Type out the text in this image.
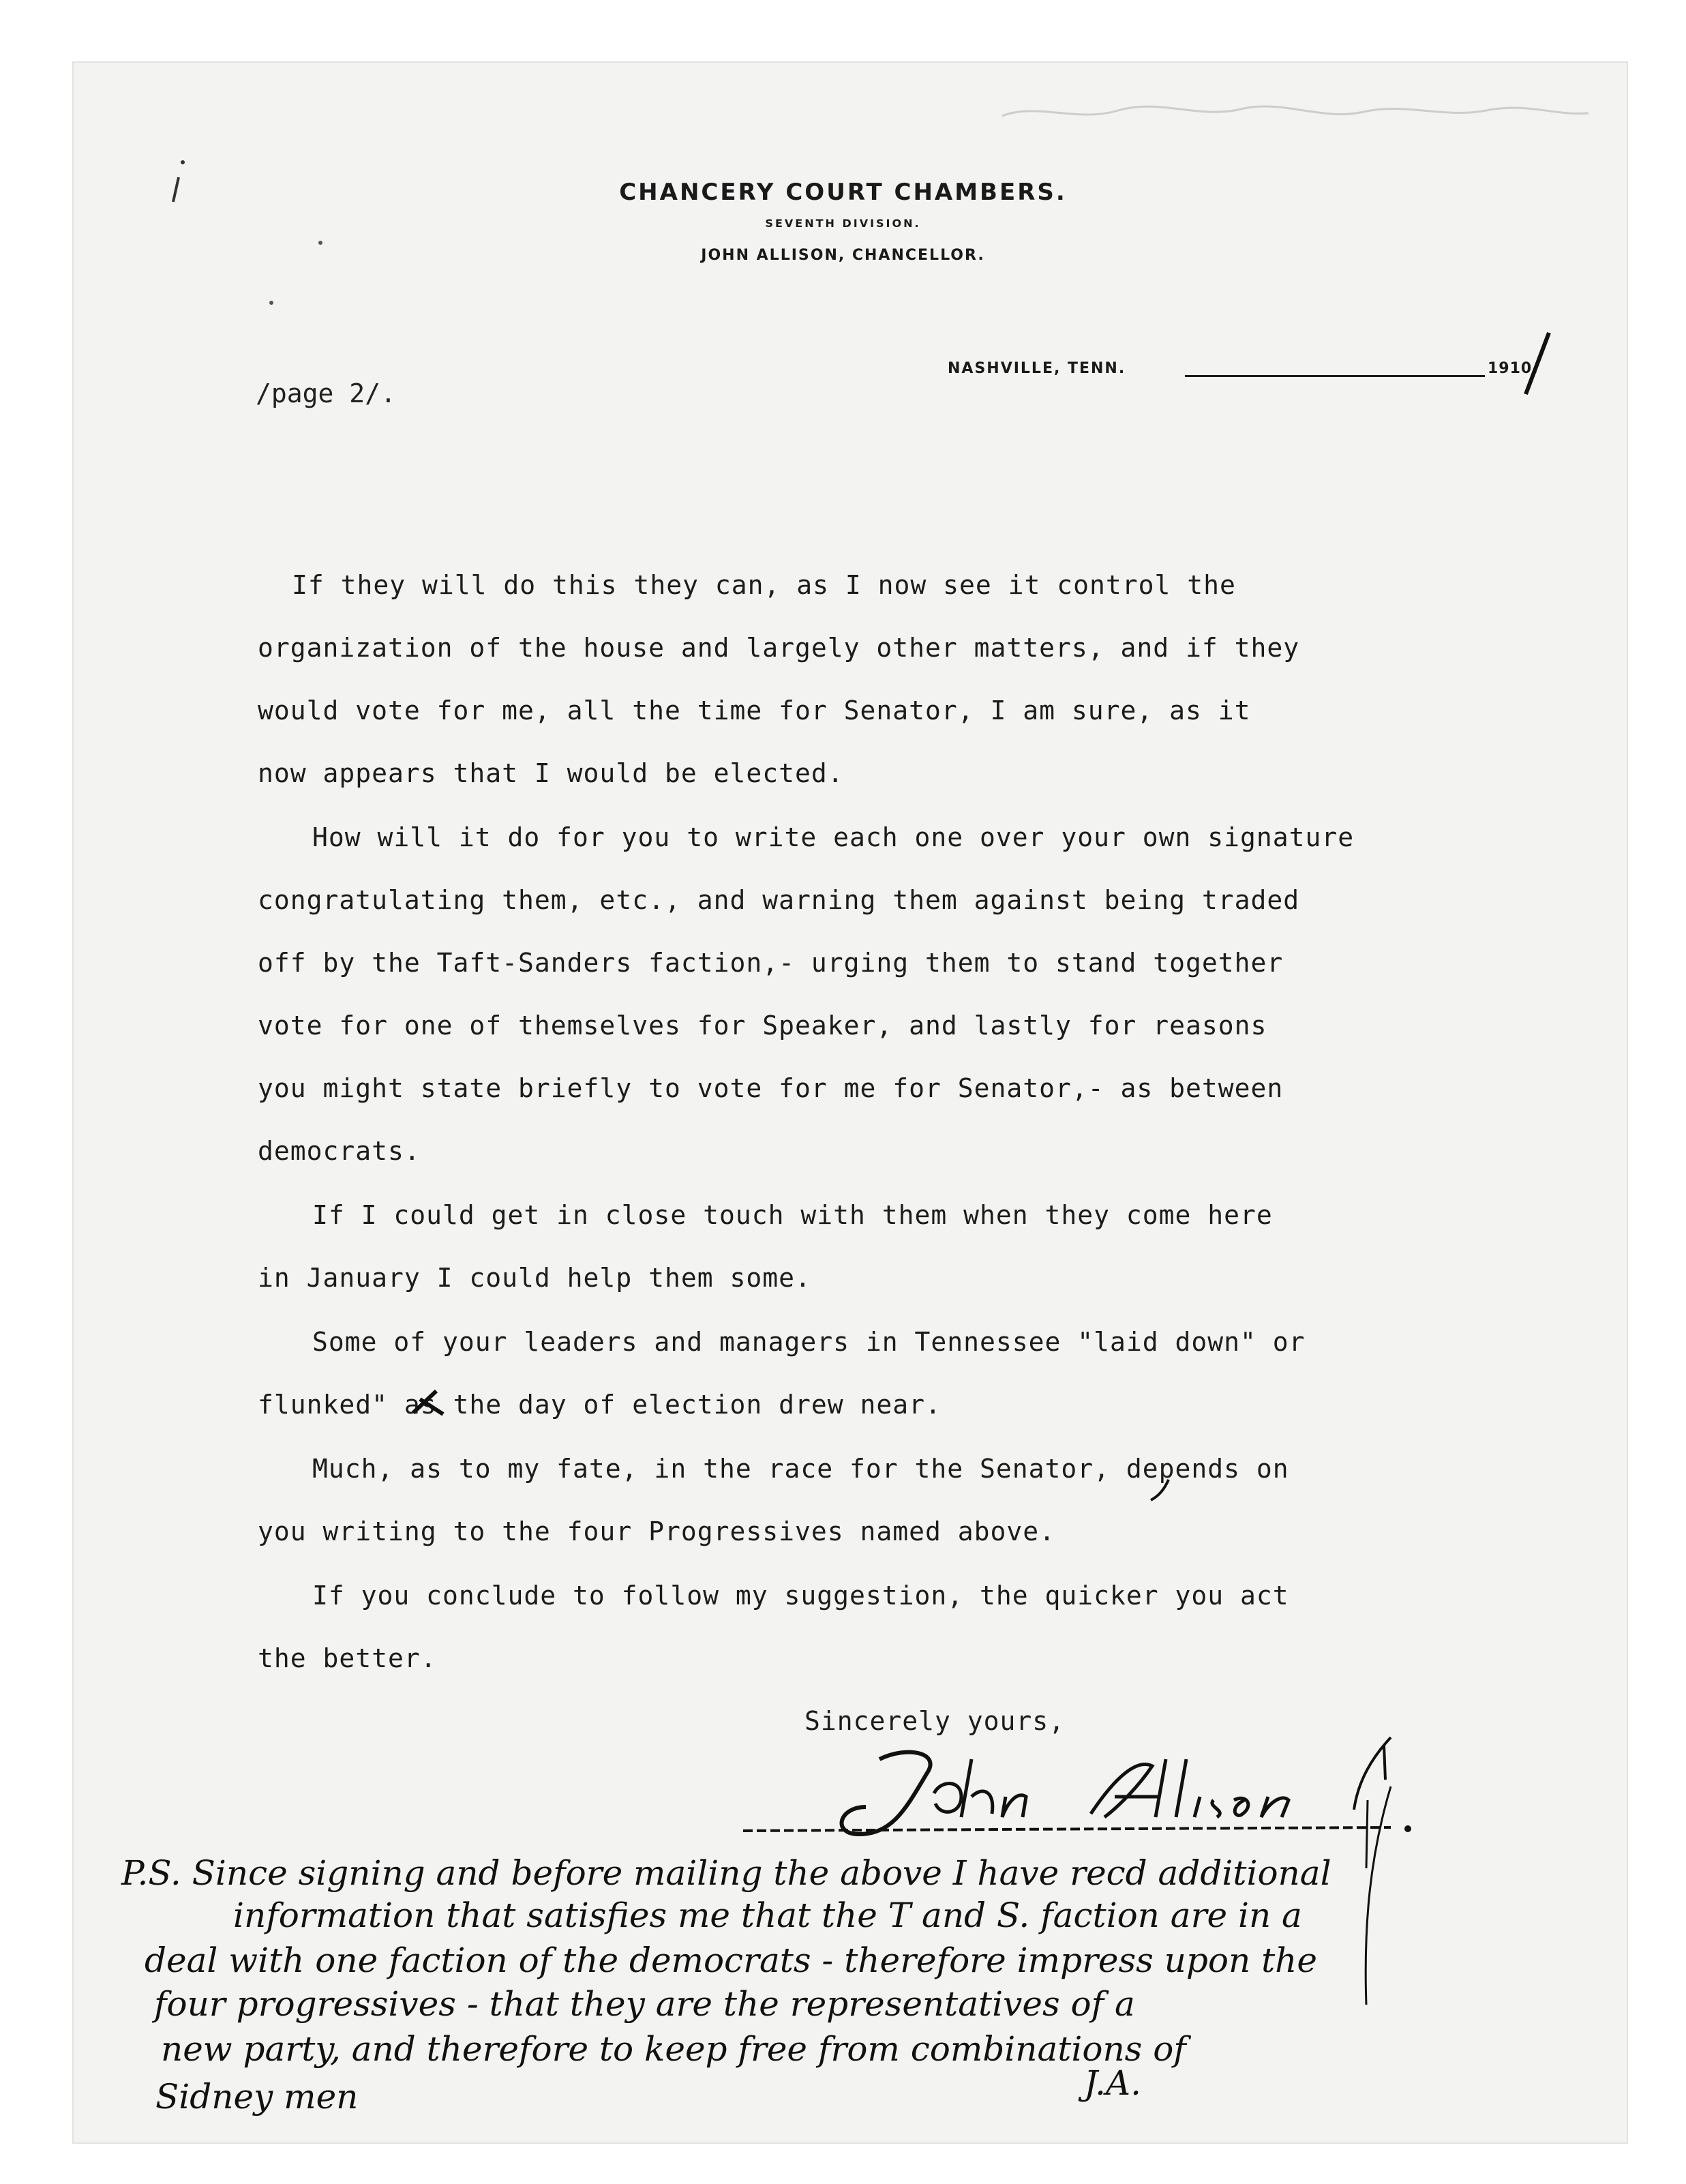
CHANCERY COURT CHAMBERS.
SEVENTH DIVISION.
JOHN ALLISON, CHANCELLOR.
NASHVILLE, TENN.	1910.
/page 2/.
If they will do this they can, as I now see it control the
organization of the house and largely other matters, and if they
would vote for me, all the time for Senator, I am sure, as it
now appears that I would be elected.
How will it do for you to write each one over your own signature
congratulating them, etc., and warning them against being traded
off by the Taft-Sanders faction,- urging them to stand together
vote for one of themselves for Speaker, and lastly for reasons
you might state briefly to vote for me for Senator,- as between
democrats.
If I could get in close touch with them when they come here
in January I could help them some.
Some of your leaders and managers in Tennessee "laid down" or
flunked" as the day of election drew near.
Much, as to my fate, in the race for the Senator, depends on
you writing to the four Progressives named above.
If you conclude to follow my suggestion, the quicker you act
the better.
Sincerely yours,
P.S. Since signing and before mailing the above I have recd additional
information that satisfies me that the T and S. faction are in a
deal with one faction of the democrats - therefore impress upon the
four progressives - that they are the representatives of a
new party, and therefore to keep free from combinations of
Sidney men	J.A.
